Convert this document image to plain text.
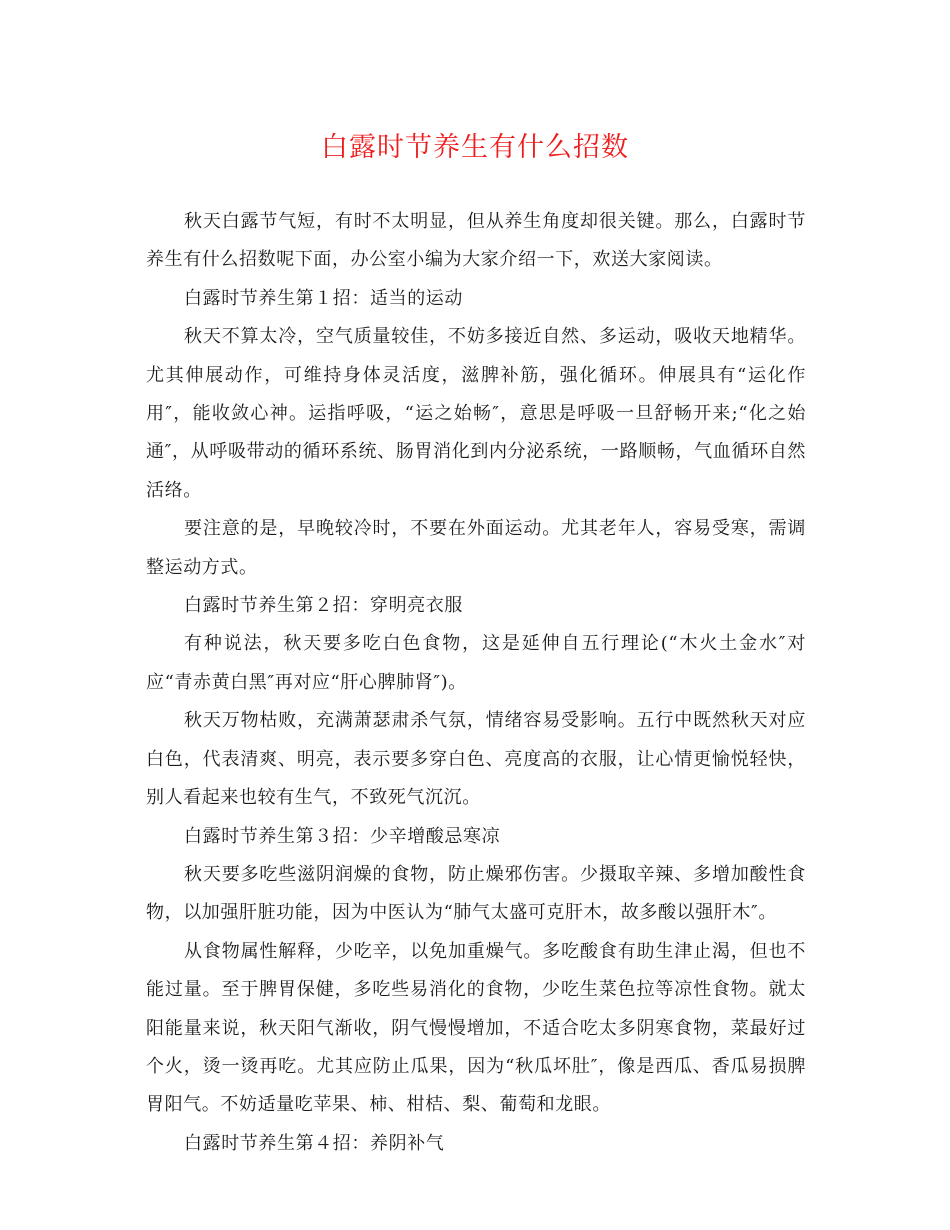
白露时节养生有什么招数

秋天白露节气短，有时不太明显，但从养生角度却很关键。那么，白露时节养生有什么招数呢下面，办公室小编为大家介绍一下，欢送大家阅读。

白露时节养生第１招：适当的运动

秋天不算太冷，空气质量较佳，不妨多接近自然、多运动，吸收天地精华。尤其伸展动作，可维持身体灵活度，滋脾补筋，强化循环。伸展具有“运化作用″，能收敛心神。运指呼吸，“运之始畅″，意思是呼吸一旦舒畅开来;“化之始通″，从呼吸带动的循环系统、肠胃消化到内分泌系统，一路顺畅，气血循环自然活络。

要注意的是，早晚较冷时，不要在外面运动。尤其老年人，容易受寒，需调整运动方式。

白露时节养生第２招：穿明亮衣服

有种说法，秋天要多吃白色食物，这是延伸自五行理论(“木火土金水″对应“青赤黄白黑″再对应“肝心脾肺肾″)。

秋天万物枯败，充满萧瑟肃杀气氛，情绪容易受影响。五行中既然秋天对应白色，代表清爽、明亮，表示要多穿白色、亮度高的衣服，让心情更愉悦轻快，别人看起来也较有生气，不致死气沉沉。

白露时节养生第３招：少辛增酸忌寒凉

秋天要多吃些滋阴润燥的食物，防止燥邪伤害。少摄取辛辣、多增加酸性食物，以加强肝脏功能，因为中医认为“肺气太盛可克肝木，故多酸以强肝木″。

从食物属性解释，少吃辛，以免加重燥气。多吃酸食有助生津止渴，但也不能过量。至于脾胃保健，多吃些易消化的食物，少吃生菜色拉等凉性食物。就太阳能量来说，秋天阳气渐收，阴气慢慢增加，不适合吃太多阴寒食物，菜最好过个火，烫一烫再吃。尤其应防止瓜果，因为“秋瓜坏肚″，像是西瓜、香瓜易损脾胃阳气。不妨适量吃苹果、柿、柑桔、梨、葡萄和龙眼。

白露时节养生第４招：养阴补气
